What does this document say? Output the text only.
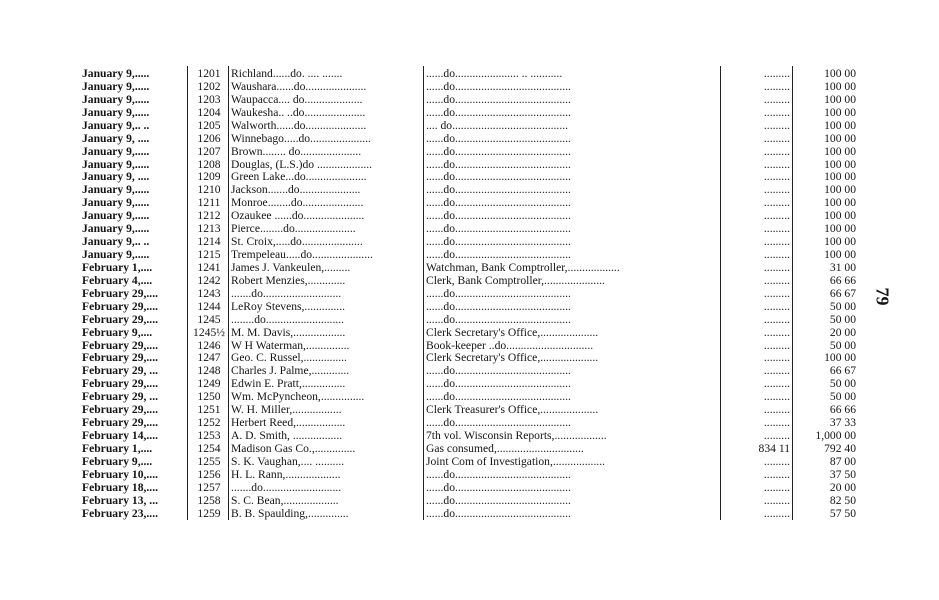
January 9,.....	1201 Richland......do. .... .......	......do...................... .. ...........	.........	100 00
January 9,.....	1202 Waushara......do.....................	......do........................................	.........	100 00
January 9,.....	1203 Waupacca.... do....................	......do........................................	.........	100 00
January 9,.....	1204 Waukesha.. ..do.....................	......do........................................	.........	100 00
January 9,.. ..	1205 Walworth......do.....................	.... do........................................	.........	100 00
January 9, ....	1206 Winnebago.....do.....................	......do........................................	.........	100 00
January 9,.....	1207 Brown........ do.....................	......do........................................	.........	100 00
January 9,.....	1208 Douglas, (L.S.)do ...................	......do........................................	.........	100 00
January 9, ....	1209 Green Lake...do.....................	......do........................................	.........	100 00
January 9,.....	1210 Jackson.......do.....................	......do........................................	.........	100 00
January 9,.....	1211 Monroe........do.....................	......do........................................	.........	100 00
January 9,.....	1212 Ozaukee ......do.....................	......do........................................	.........	100 00
January 9,.....	1213 Pierce........do.....................	......do........................................	.........	100 00
January 9,.. ..	1214 St. Croix,.....do.....................	......do........................................	.........	100 00
January 9,.....	1215 Trempeleau.....do.....................	......do........................................	.........	100 00
February 1,....	1241 James J. Vankeulen,.........	Watchman, Bank Comptroller,..................	.........	31 00
February 4,....	1242 Robert Menzies,.............	Clerk, Bank Comptroller,.....................	.........	66 66
February 29,....	1243 .......do...........................	......do........................................	.........	66 67
February 29,....	1244 LeRoy Stevens,..............	......do........................................	.........	50 00
February 29,....	1245 ........do...........................	......do........................................	.........	50 00
February 9,....	1245½ M. M. Davis,..................	Clerk Secretary's Office,....................	.........	20 00
February 29,....	1246 W H Waterman,...............	Book-keeper ..do..............................	.........	50 00
February 29,....	1247 Geo. C. Russel,...............	Clerk Secretary's Office,....................	.........	100 00
February 29, ...	1248 Charles J. Palme,.............	......do........................................	.........	66 67
February 29,....	1249 Edwin E. Pratt,...............	......do........................................	.........	50 00
February 29, ...	1250 Wm. McPyncheon,...............	......do........................................	.........	50 00
February 29,....	1251 W. H. Miller,.................	Clerk Treasurer's Office,....................	.........	66 66
February 29,....	1252 Herbert Reed,.................	......do........................................	.........	37 33
February 14,....	1253 A. D. Smith, .................	7th vol. Wisconsin Reports,..................	.........	1,000 00
February 1,....	1254 Madison Gas Co.,..............	Gas consumed,..............................	834 11	792 40
February 9,....	1255 S. K. Vaughan,.... ..........	Joint Com of Investigation,..................	.........	87 00
February 10,....	1256 H. L. Rann,...................	......do........................................	.........	37 50
February 18,....	1257 .......do...........................	......do........................................	.........	20 00
February 13, ...	1258 S. C. Bean,...................	......do........................................	.........	82 50
February 23,....	1259 B. B. Spaulding,..............	......do........................................	.........	57 50
79
